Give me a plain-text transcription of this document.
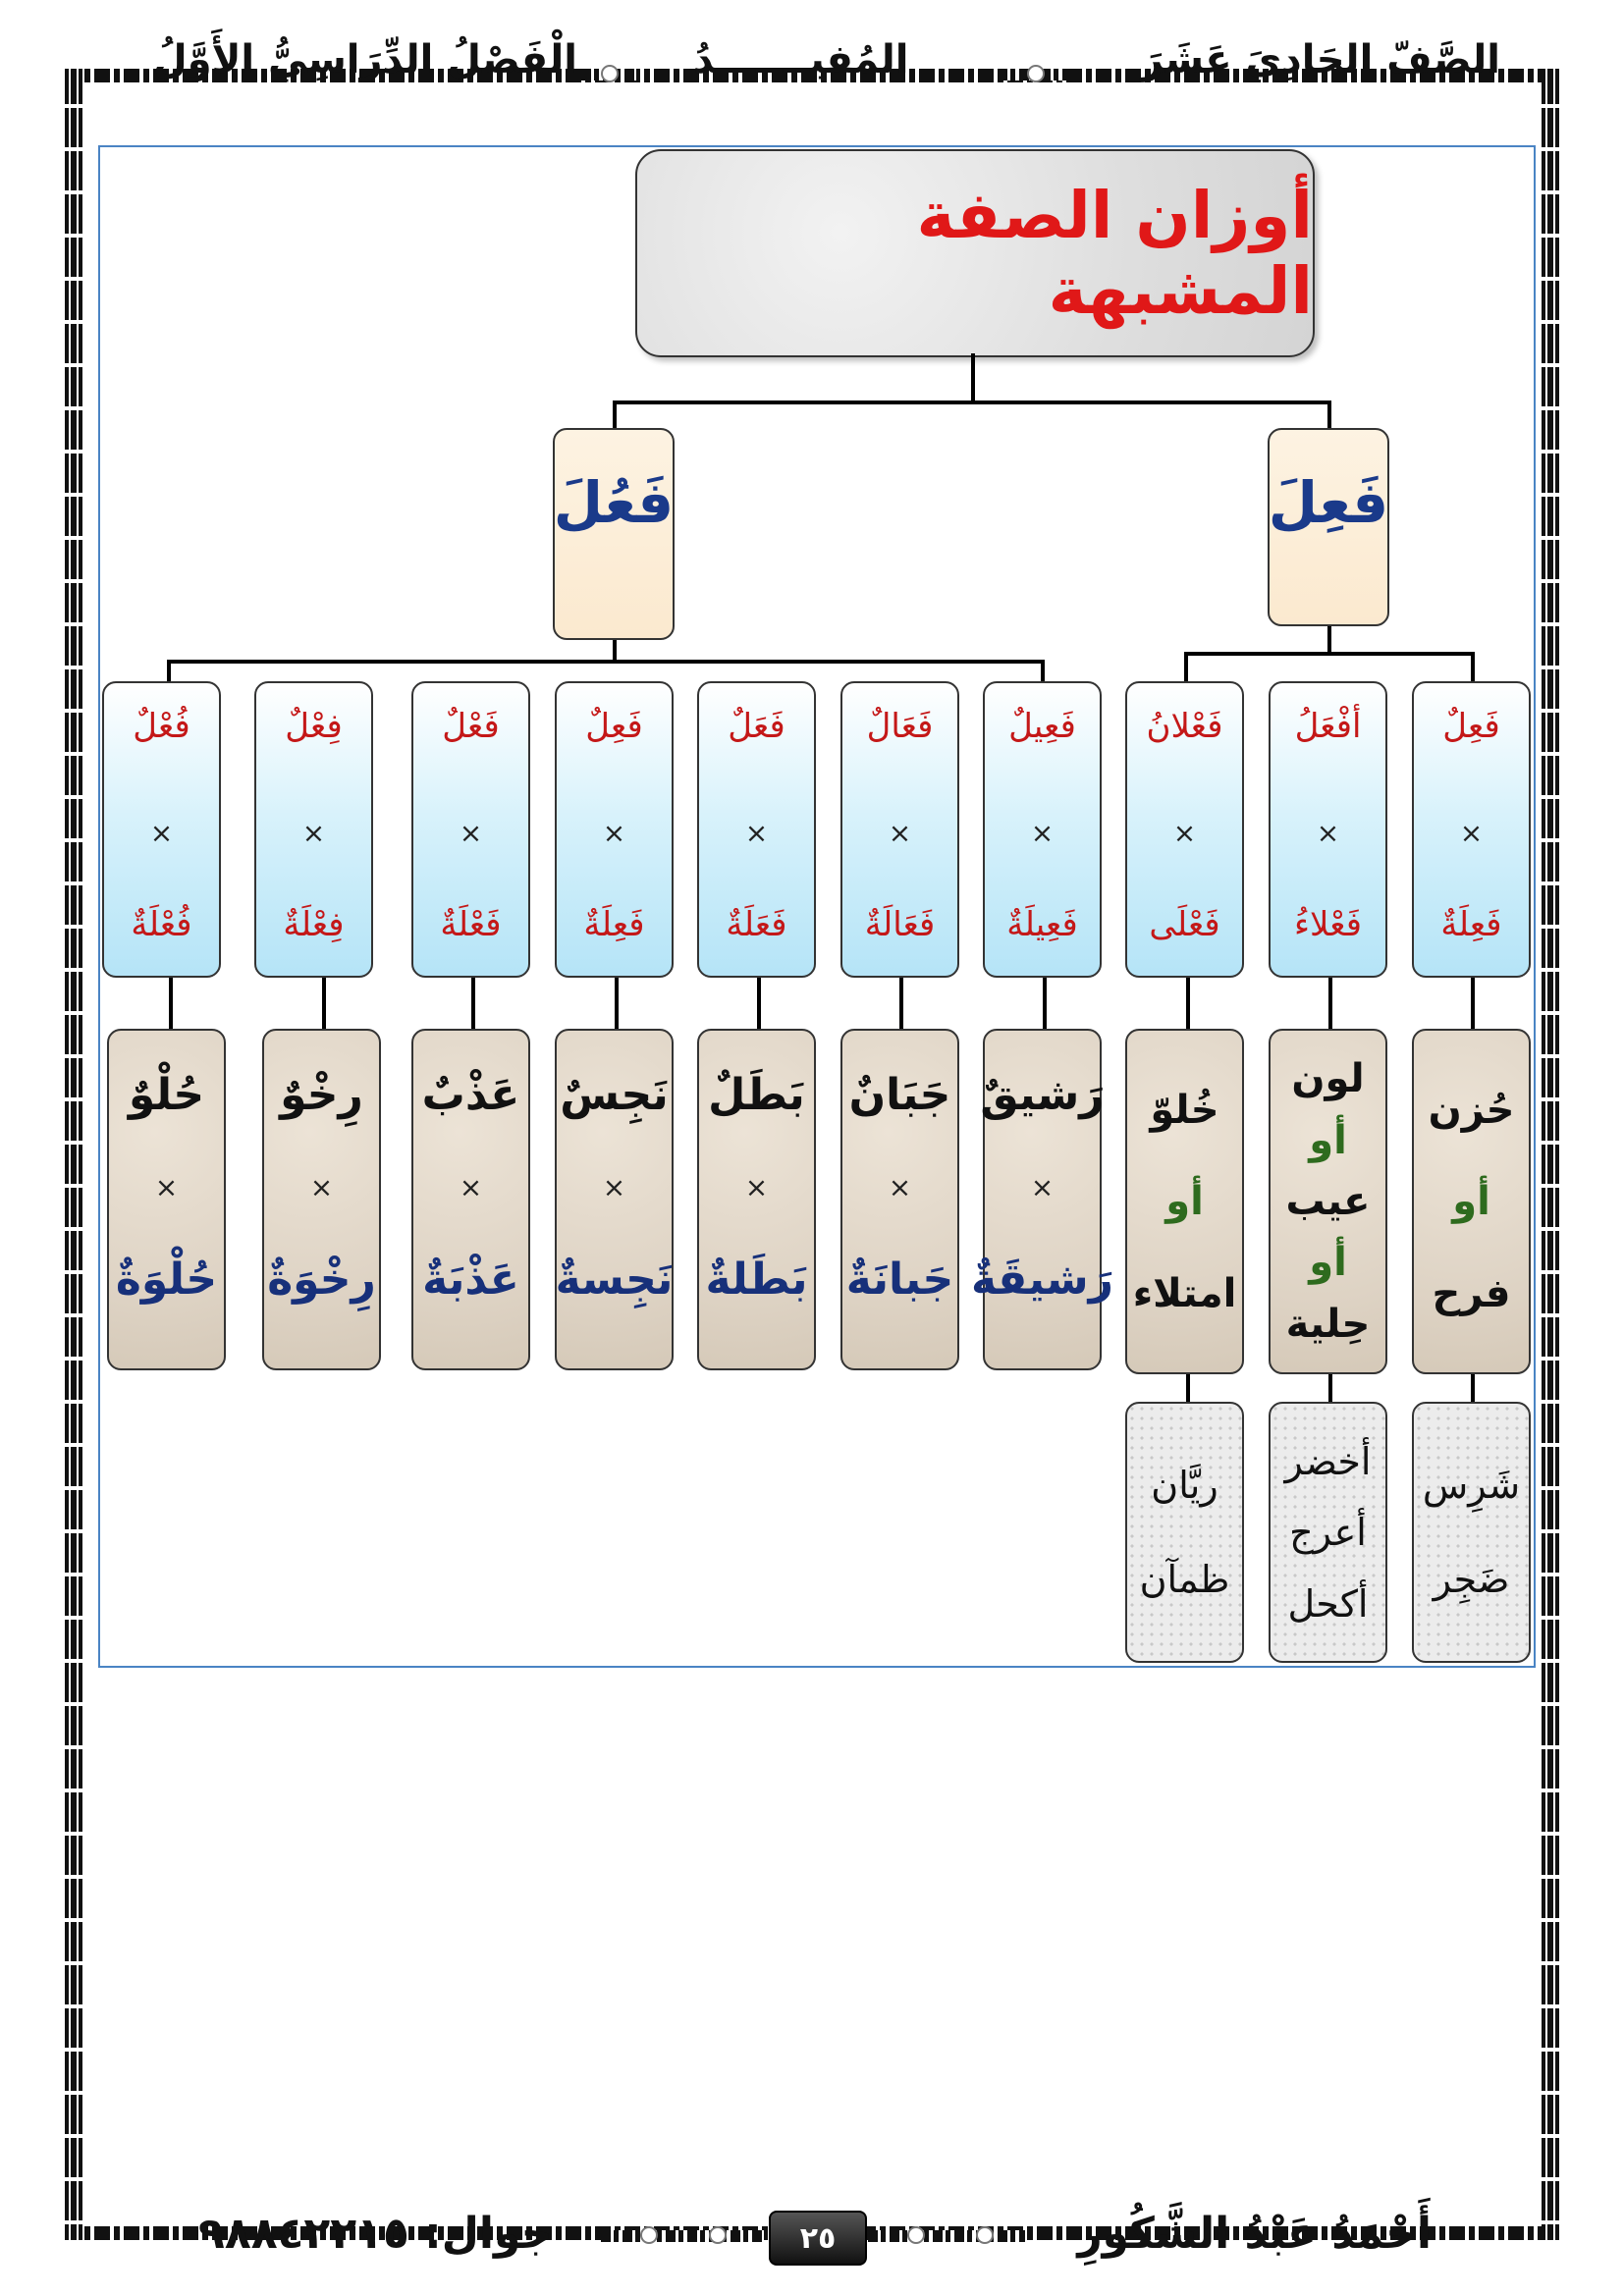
الصَّفّ الحَادِيَ عَشَرَ
المُفيـــــــدُ
الْفَصْلُ الدِّرَاسِيُّ الأَوَّلُ
أوزان الصفة المشبهة
فَعِلَ
فَعُلَ
فَعِلٌ
×
فَعِلَةٌ
أفْعَلُ
×
فَعْلاءُ
فَعْلانُ
×
فَعْلَى
فَعِيلٌ
×
فَعِيلَةٌ
فَعَالٌ
×
فَعَالَةٌ
فَعَلٌ
×
فَعَلَةٌ
فَعِلٌ
×
فَعِلَةٌ
فَعْلٌ
×
فَعْلَةٌ
فِعْلٌ
×
فِعْلَةٌ
فُعْلٌ
×
فُعْلَةٌ
حُزن
أو
فرح
لون
أو
عيب
أو
حِلية
خُلوّ
أو
امتلاء
رَشيقٌ
×
رَشيقَةٌ
جَبَانٌ
×
جَبانَةٌ
بَطَلٌ
×
بَطَلةٌ
نَجِسٌ
×
نَجِسةٌ
عَذْبٌ
×
عَذْبَةٌ
رِخْوٌ
×
رِخْوَةٌ
حُلْوٌ
×
حُلْوَةٌ
شَرِس
ضَجِر
أخضر
أعرج
أكحل
ريَّان
ظمآن
أَحْمَدُ عَبْدُ الشَّكُورِ
٢٥
جوال: ٩٨٨٤٢٢١٥
